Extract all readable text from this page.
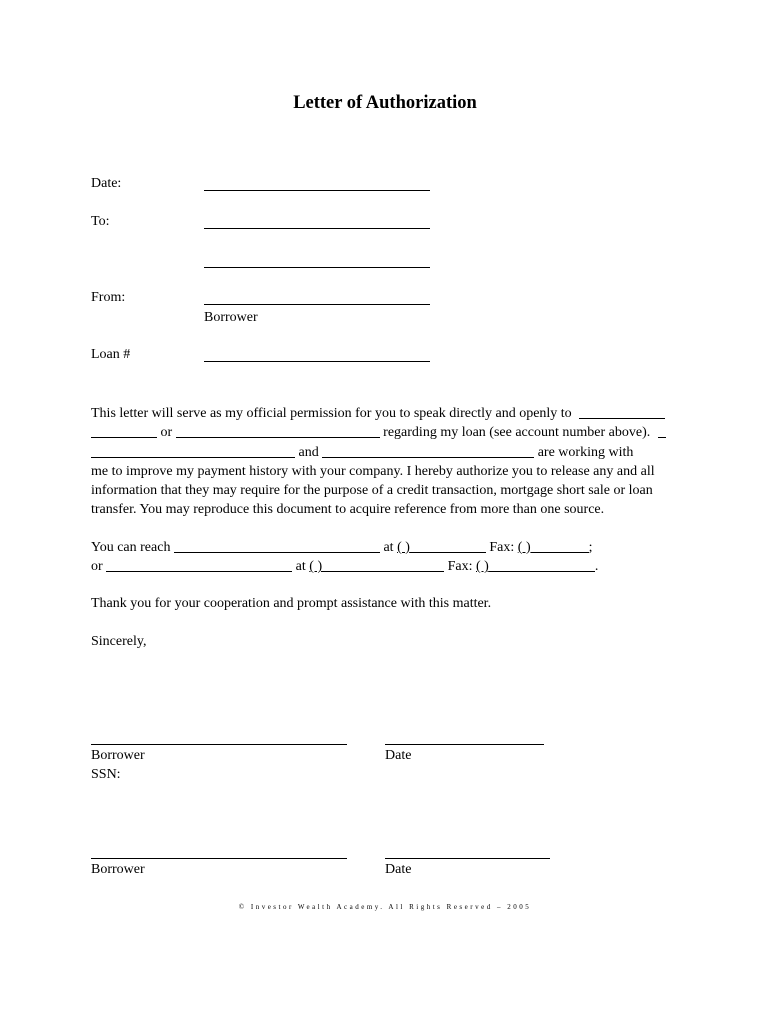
Letter of Authorization
Date:
To:
From:
Borrower
Loan #
This letter will serve as my official permission for you to speak directly and openly to
or	regarding my loan (see account number above).
and	are working with
me to improve my payment history with your company. I hereby authorize you to release any and all
information that they may require for the purpose of a credit transaction, mortgage short sale or loan
transfer. You may reproduce this document to acquire reference from more than one source.
You can reach	at ( )	Fax: ( )	;
or	at ( )	Fax: ( )	.
Thank you for your cooperation and prompt assistance with this matter.
Sincerely,
Borrower	Date
SSN:
Borrower	Date
© Investor Wealth Academy. All Rights Reserved – 2005
